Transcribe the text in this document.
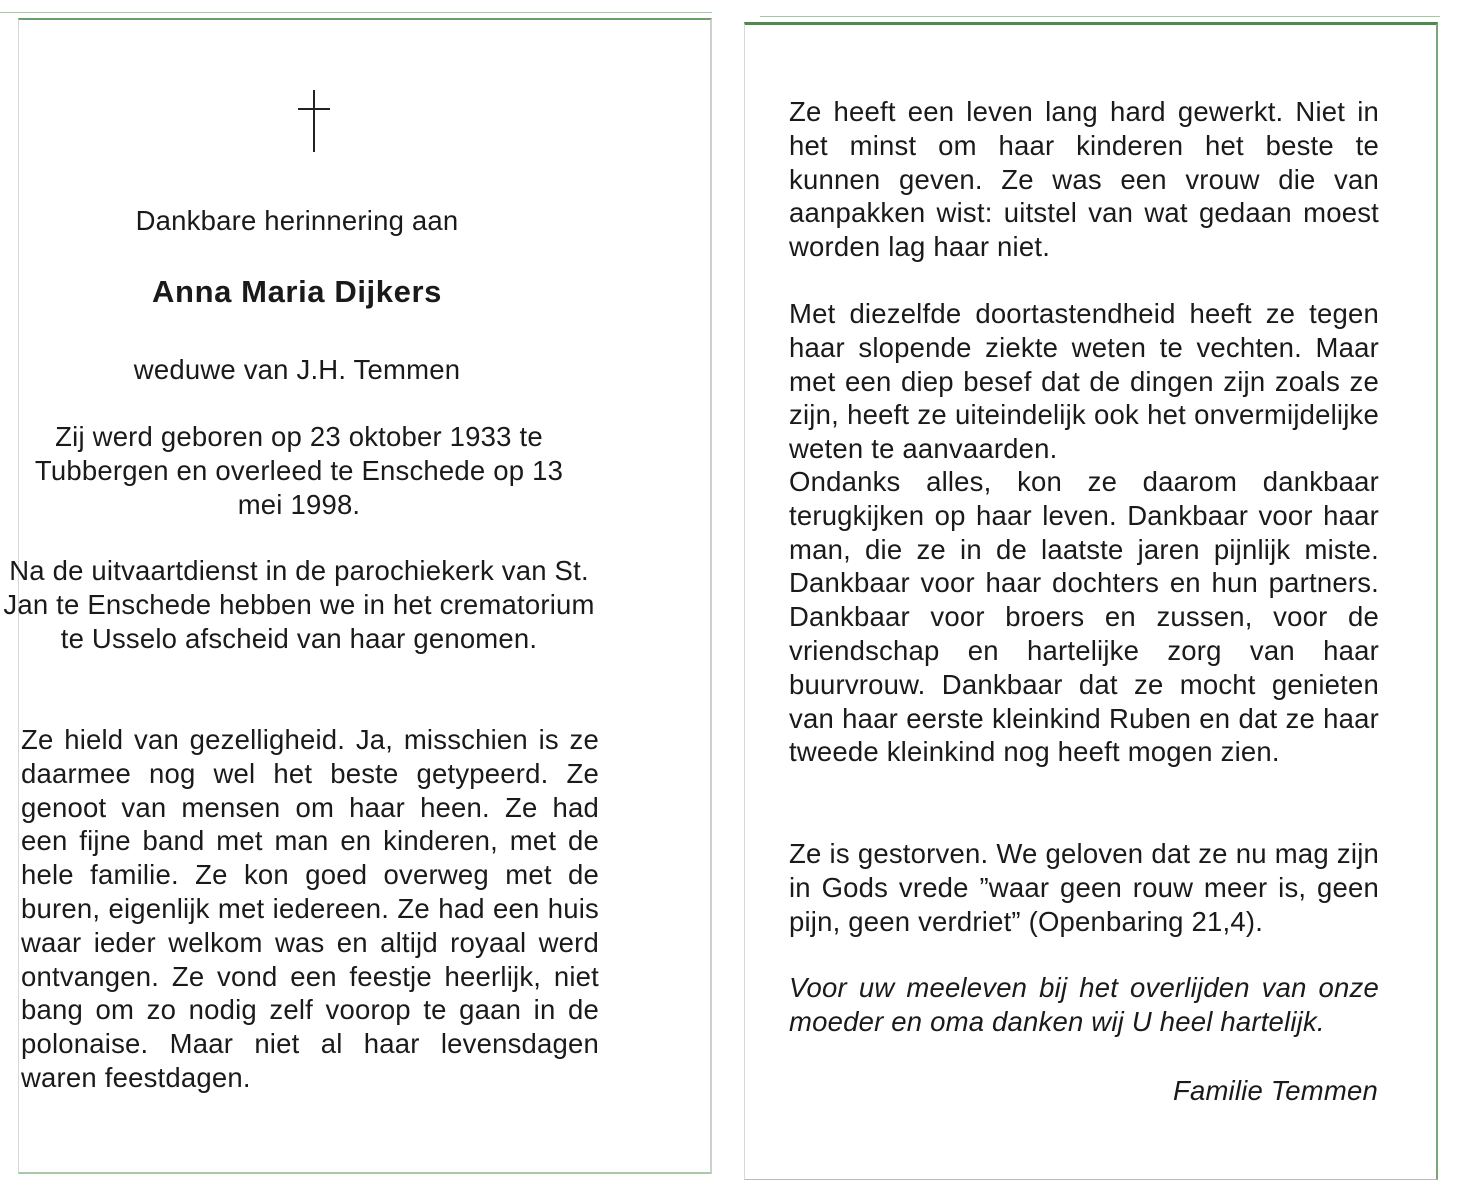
Dankbare herinnering aan

Anna Maria Dijkers

weduwe van J.H. Temmen

Zij werd geboren op 23 oktober 1933 te Tubbergen en overleed te Enschede op 13 mei 1998.

Na de uitvaartdienst in de parochiekerk van St. Jan te Enschede hebben we in het crematorium te Usselo afscheid van haar genomen.

Ze hield van gezelligheid. Ja, misschien is ze daarmee nog wel het beste getypeerd. Ze genoot van mensen om haar heen. Ze had een fijne band met man en kinderen, met de hele familie. Ze kon goed overweg met de buren, eigenlijk met iedereen. Ze had een huis waar ieder welkom was en altijd royaal werd ontvangen. Ze vond een feestje heerlijk, niet bang om zo nodig zelf voorop te gaan in de polonaise. Maar niet al haar levensdagen waren feestdagen.

Ze heeft een leven lang hard gewerkt. Niet in het minst om haar kinderen het beste te kunnen geven. Ze was een vrouw die van aanpakken wist: uitstel van wat gedaan moest worden lag haar niet.

Met diezelfde doortastendheid heeft ze tegen haar slopende ziekte weten te vechten. Maar met een diep besef dat de dingen zijn zoals ze zijn, heeft ze uiteindelijk ook het onvermijdelijke weten te aanvaarden.

Ondanks alles, kon ze daarom dankbaar terugkijken op haar leven. Dankbaar voor haar man, die ze in de laatste jaren pijnlijk miste. Dankbaar voor haar dochters en hun partners. Dankbaar voor broers en zussen, voor de vriendschap en hartelijke zorg van haar buurvrouw. Dankbaar dat ze mocht genieten van haar eerste kleinkind Ruben en dat ze haar tweede kleinkind nog heeft mogen zien.

Ze is gestorven. We geloven dat ze nu mag zijn in Gods vrede ”waar geen rouw meer is, geen pijn, geen verdriet” (Openbaring 21,4).

Voor uw meeleven bij het overlijden van onze moeder en oma danken wij U heel hartelijk.

Familie Temmen
